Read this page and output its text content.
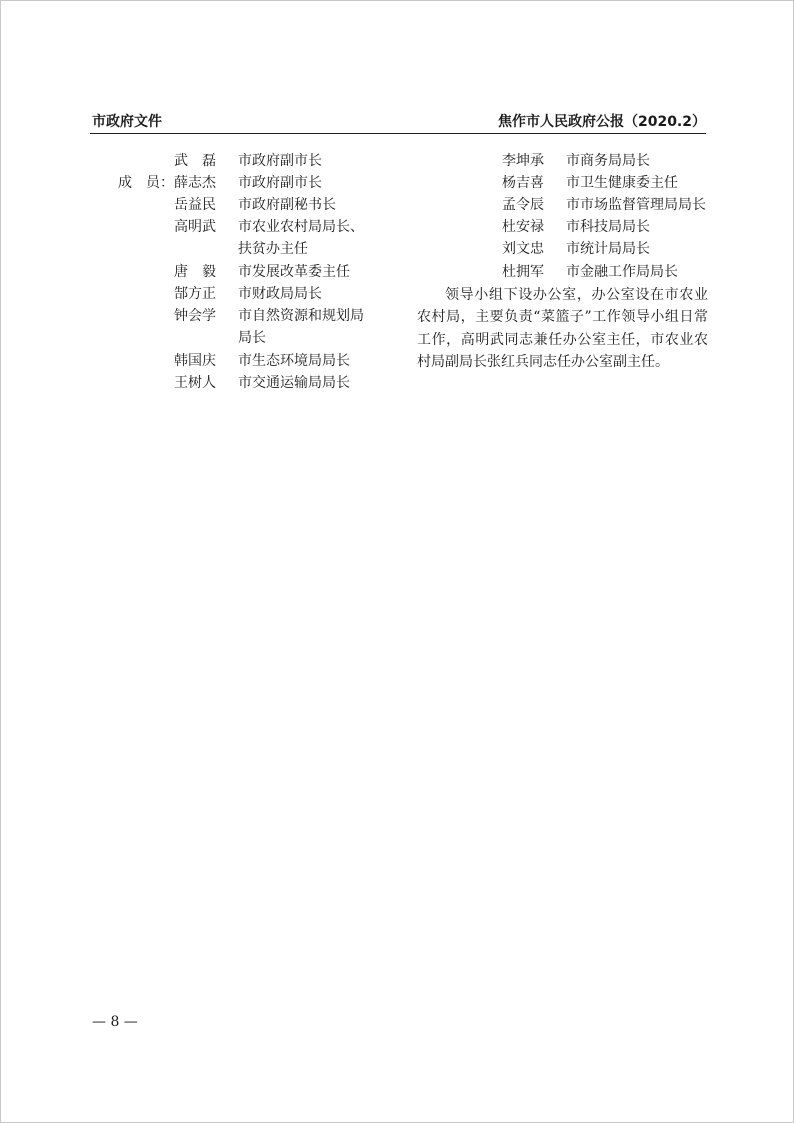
市政府文件	焦作市人民政府公报（2020.2）
成　员：
武　磊 市政府副市长
薛志杰 市政府副市长
岳益民 市政府副秘书长
高明武 市农业农村局局长、
扶贫办主任
唐　毅 市发展改革委主任
郜方正 市财政局局长
钟会学 市自然资源和规划局
局长
韩国庆 市生态环境局局长
王树人 市交通运输局局长
李坤承 市商务局局长
杨吉喜 市卫生健康委主任
孟令辰 市市场监督管理局局长
杜安禄 市科技局局长
刘文忠 市统计局局长
杜拥军 市金融工作局局长
领导小组下设办公室，办公室设在市农业农村局，主要负责“菜篮子”工作领导小组日常工作，高明武同志兼任办公室主任，市农业农村局副局长张红兵同志任办公室副主任。
— 8 —
